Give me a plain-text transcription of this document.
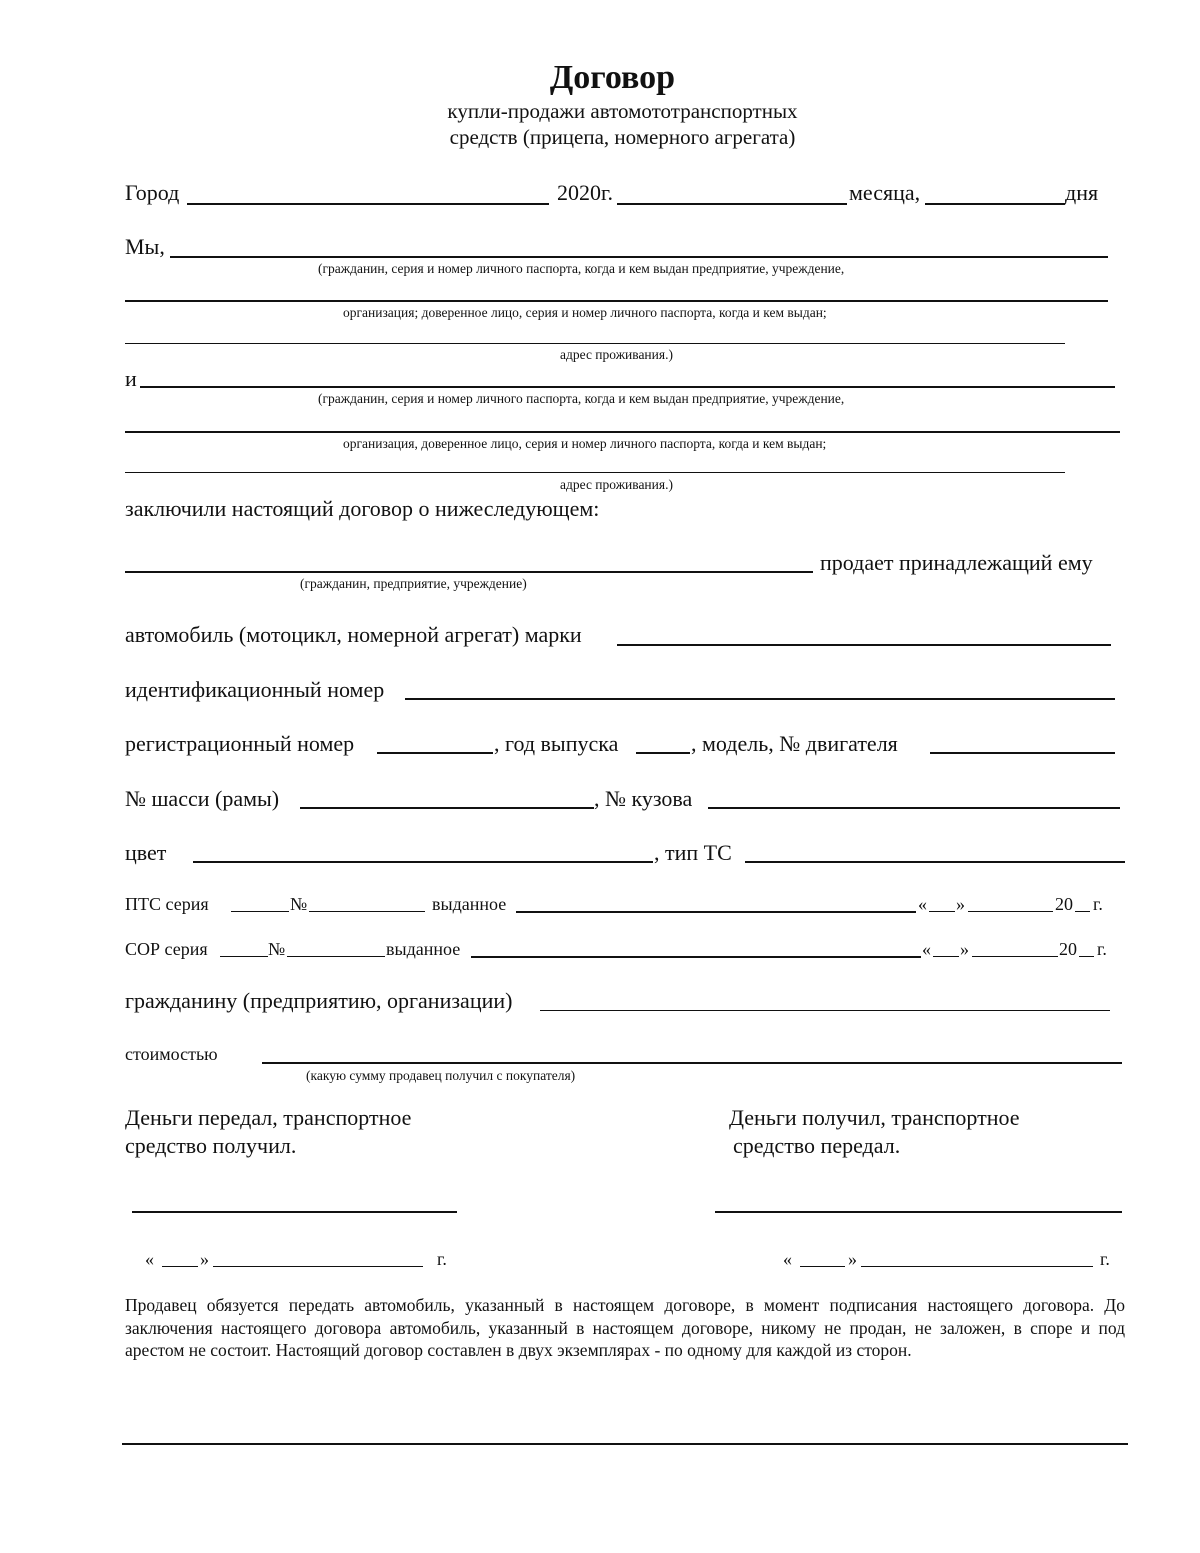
Договор
купли-продажи автомототранспортных
средств (прицепа, номерного агрегата)
Город	2020г.	месяца,	дня
Мы,
(гражданин, серия и номер личного паспорта, когда и кем выдан предприятие, учреждение,
организация; доверенное лицо, серия и номер личного паспорта, когда и кем выдан;
адрес проживания.)
и
(гражданин, серия и номер личного паспорта, когда и кем выдан предприятие, учреждение,
организация, доверенное лицо, серия и номер личного паспорта, когда и кем выдан;
адрес проживания.)
заключили настоящий договор о нижеследующем:
продает принадлежащий ему
(гражданин, предприятие, учреждение)
автомобиль (мотоцикл, номерной агрегат) марки
идентификационный номер
регистрационный номер	, год выпуска	, модель, № двигателя
№ шасси (рамы)	, № кузова
цвет	, тип ТС
ПТС серия	№	выданное	« »	20 г.
СОР серия	№	выданное	« »	20 г.
гражданину (предприятию, организации)
стоимостью
(какую сумму продавец получил с покупателя)
Деньги передал, транспортное
средство получил.
Деньги получил, транспортное
средство передал.
«	»	г.	«	»	г.
Продавец обязуется передать автомобиль, указанный в настоящем договоре, в момент подписания настоящего договора. До заключения настоящего договора автомобиль, указанный в настоящем договоре, никому не продан, не заложен, в споре и под арестом не состоит. Настоящий договор составлен в двух экземплярах - по одному для каждой из сторон.
